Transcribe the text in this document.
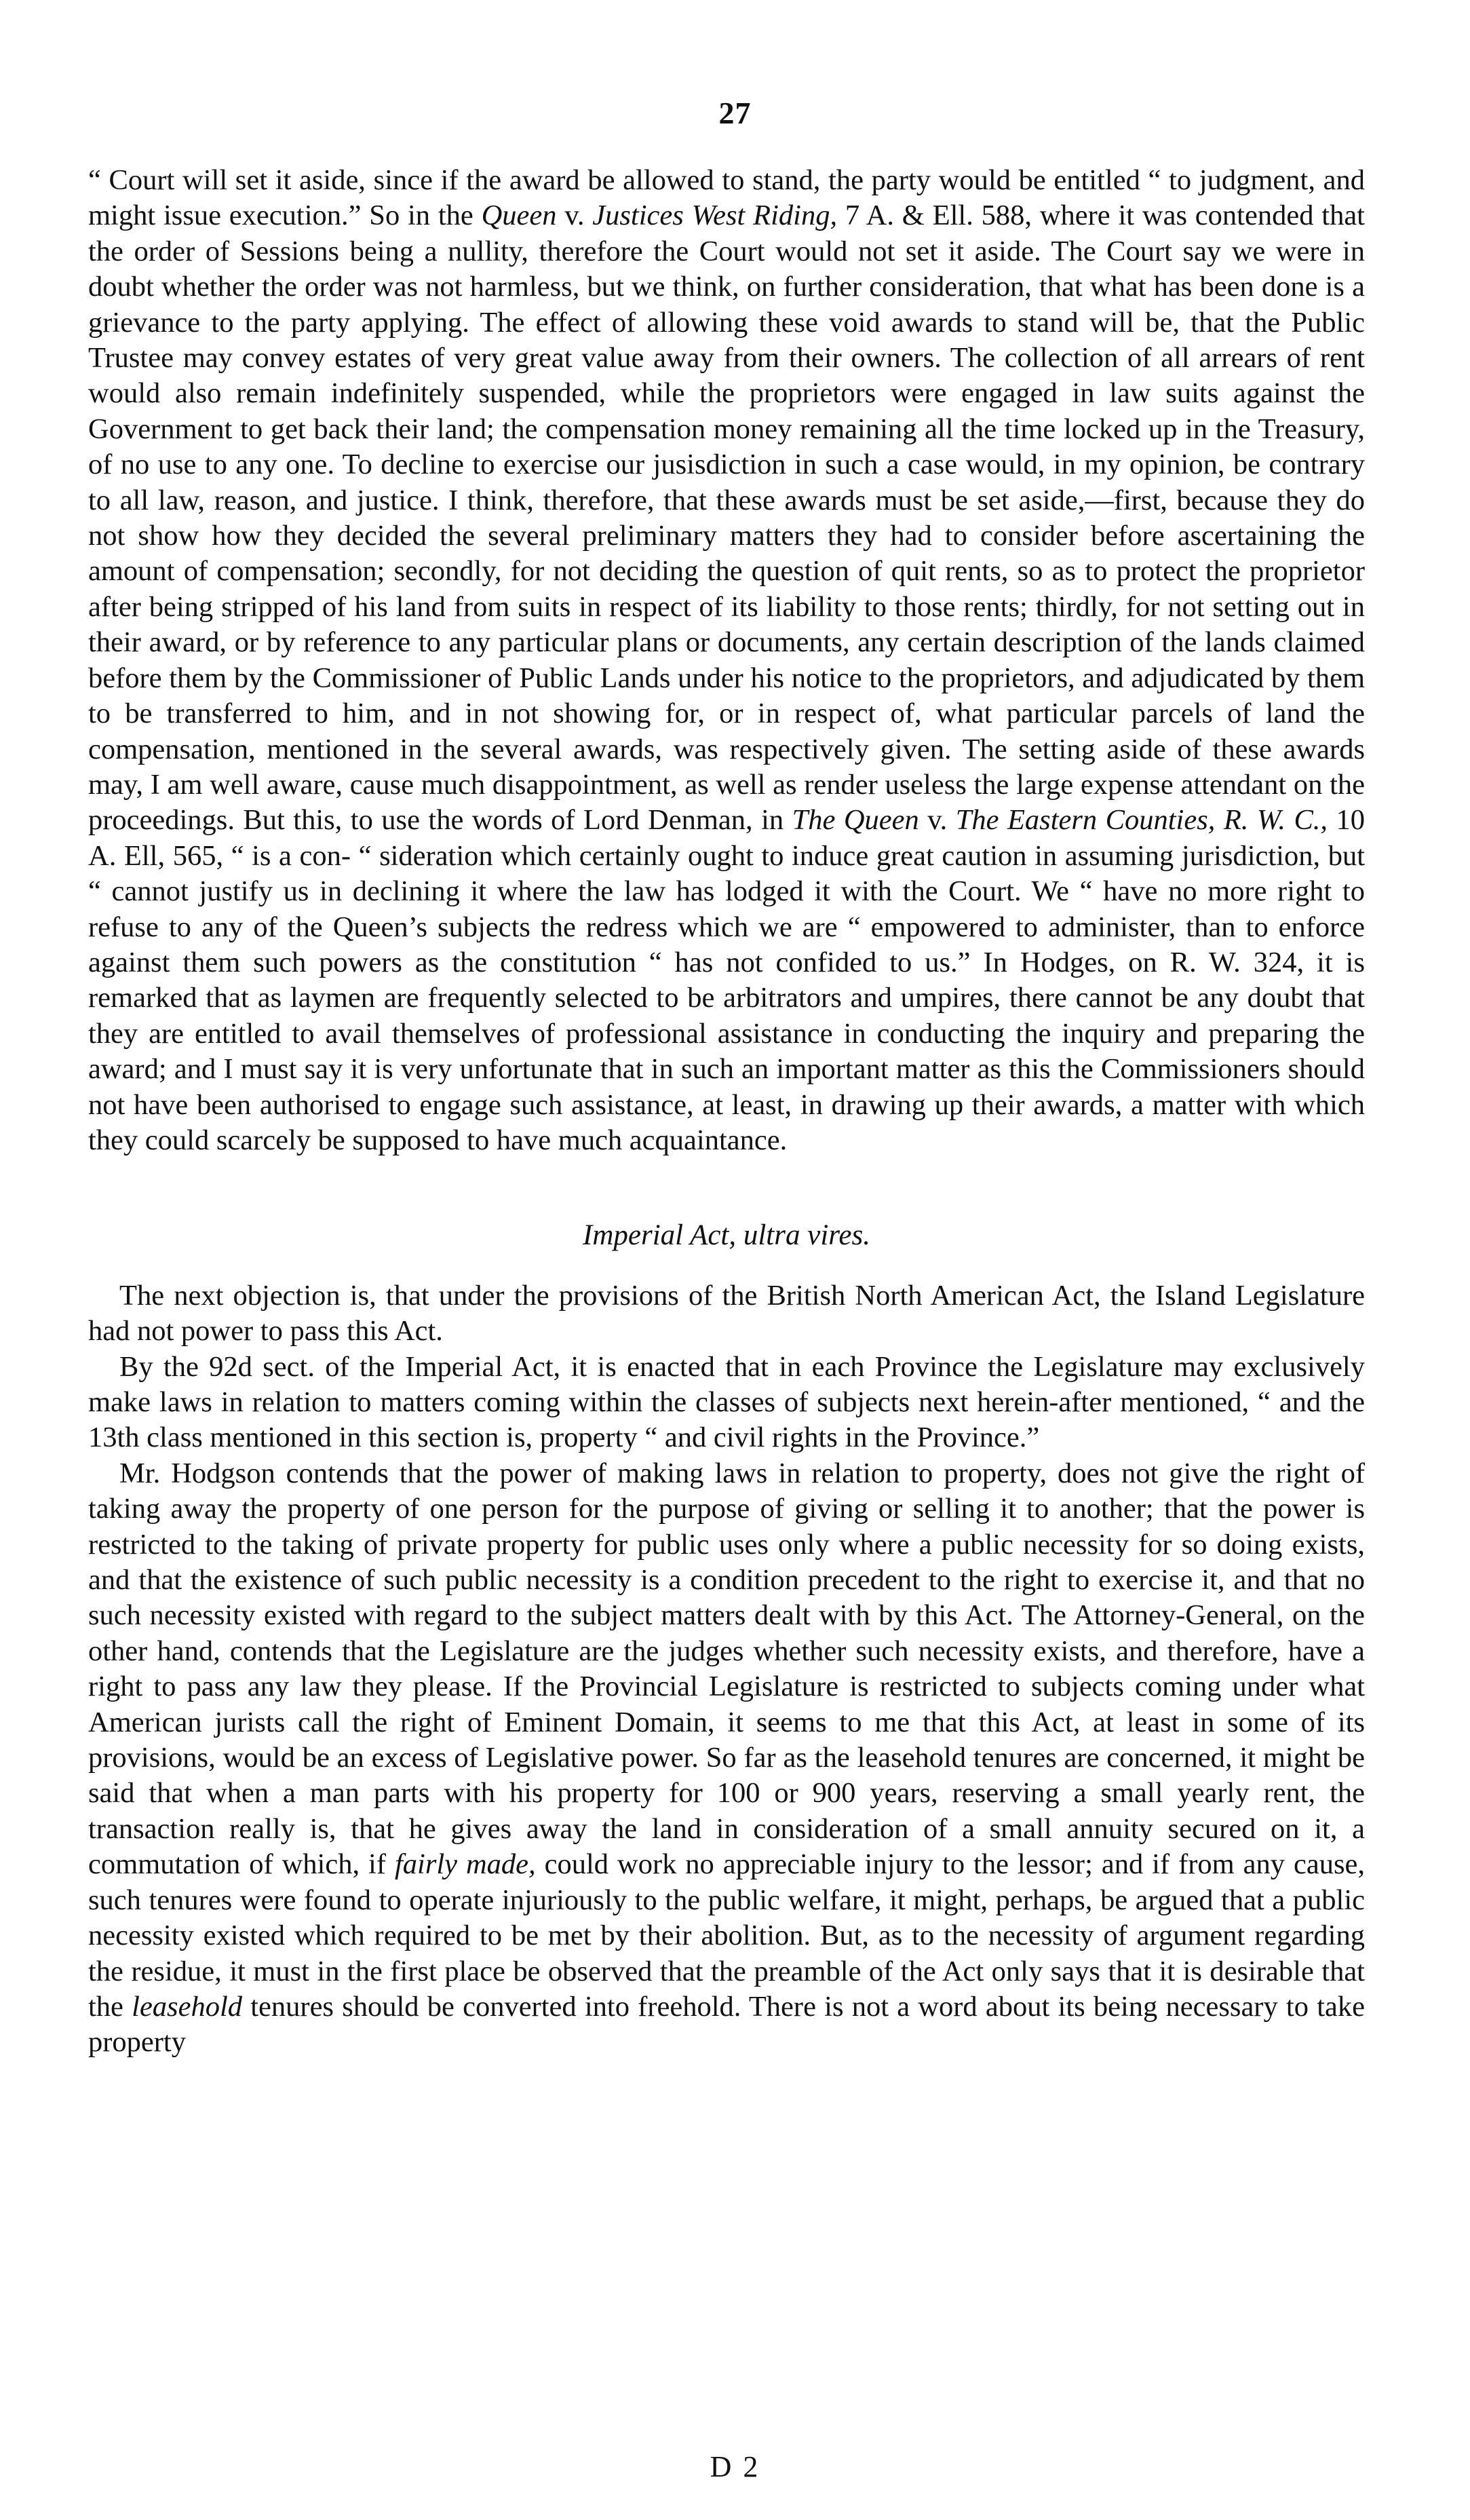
27

“ Court will set it aside, since if the award be allowed to stand, the party would be entitled “ to judgment, and might issue execution.” So in the Queen v. Justices West Riding, 7 A. & Ell. 588, where it was contended that the order of Sessions being a nullity, therefore the Court would not set it aside. The Court say we were in doubt whether the order was not harmless, but we think, on further consideration, that what has been done is a grievance to the party applying. The effect of allowing these void awards to stand will be, that the Public Trustee may convey estates of very great value away from their owners. The collection of all arrears of rent would also remain indefinitely suspended, while the proprietors were engaged in law suits against the Government to get back their land; the compensation money remaining all the time locked up in the Treasury, of no use to any one. To decline to exercise our jusisdiction in such a case would, in my opinion, be contrary to all law, reason, and justice. I think, therefore, that these awards must be set aside,—first, because they do not show how they decided the several preliminary matters they had to consider before ascertaining the amount of compensation; secondly, for not deciding the question of quit rents, so as to protect the proprietor after being stripped of his land from suits in respect of its liability to those rents; thirdly, for not setting out in their award, or by reference to any particular plans or documents, any certain description of the lands claimed before them by the Commissioner of Public Lands under his notice to the proprietors, and adjudicated by them to be transferred to him, and in not showing for, or in respect of, what particular parcels of land the compensation, mentioned in the several awards, was respectively given. The setting aside of these awards may, I am well aware, cause much disappointment, as well as render useless the large expense attendant on the proceedings. But this, to use the words of Lord Denman, in The Queen v. The Eastern Counties, R. W. C., 10 A. Ell, 565, “ is a con- “ sideration which certainly ought to induce great caution in assuming jurisdiction, but “ cannot justify us in declining it where the law has lodged it with the Court. We “ have no more right to refuse to any of the Queen’s subjects the redress which we are “ empowered to administer, than to enforce against them such powers as the constitution “ has not confided to us.” In Hodges, on R. W. 324, it is remarked that as laymen are frequently selected to be arbitrators and umpires, there cannot be any doubt that they are entitled to avail themselves of professional assistance in conducting the inquiry and preparing the award; and I must say it is very unfortunate that in such an important matter as this the Commissioners should not have been authorised to engage such assistance, at least, in drawing up their awards, a matter with which they could scarcely be supposed to have much acquaintance.

Imperial Act, ultra vires.

The next objection is, that under the provisions of the British North American Act, the Island Legislature had not power to pass this Act.

By the 92d sect. of the Imperial Act, it is enacted that in each Province the Legislature may exclusively make laws in relation to matters coming within the classes of subjects next herein-after mentioned, “ and the 13th class mentioned in this section is, property “ and civil rights in the Province.”

Mr. Hodgson contends that the power of making laws in relation to property, does not give the right of taking away the property of one person for the purpose of giving or selling it to another; that the power is restricted to the taking of private property for public uses only where a public necessity for so doing exists, and that the existence of such public necessity is a condition precedent to the right to exercise it, and that no such necessity existed with regard to the subject matters dealt with by this Act. The Attorney-General, on the other hand, contends that the Legislature are the judges whether such necessity exists, and therefore, have a right to pass any law they please. If the Provincial Legislature is restricted to subjects coming under what American jurists call the right of Eminent Domain, it seems to me that this Act, at least in some of its provisions, would be an excess of Legislative power. So far as the leasehold tenures are concerned, it might be said that when a man parts with his property for 100 or 900 years, reserving a small yearly rent, the transaction really is, that he gives away the land in consideration of a small annuity secured on it, a commutation of which, if fairly made, could work no appreciable injury to the lessor; and if from any cause, such tenures were found to operate injuriously to the public welfare, it might, perhaps, be argued that a public necessity existed which required to be met by their abolition. But, as to the necessity of argument regarding the residue, it must in the first place be observed that the preamble of the Act only says that it is desirable that the leasehold tenures should be converted into freehold. There is not a word about its being necessary to take property

D 2
